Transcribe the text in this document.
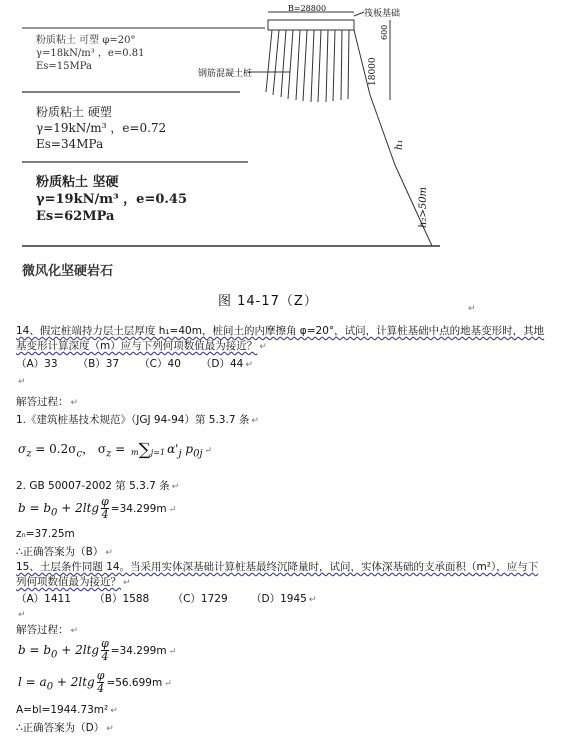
粉质粘土 可塑 φ=20°
γ=18kN/m³ ，e=0.81
Es=15MPa
粉质粘土 硬塑
γ=19kN/m³ ，e=0.72
Es=34MPa
粉质粘土 坚硬
γ=19kN/m³ ，e=0.45
Es=62MPa
微风化坚硬岩石
B=28800
筏板基础
钢筋混凝土桩
600
18000
h₁
h₂>50m
图 14-17（Z）	↵
14、假定桩端持力层土层厚度 h₁=40m，桩间土的内摩擦角 φ=20°，试问，计算桩基础中点的地基变形时，其地
基变形计算深度（m）应与下列何项数值最为接近？ ↵
（A）33 （B）37 （C）40 （D）44 ↵
↵
解答过程： ↵
1.《建筑桩基技术规范》（JGJ 94-94）第 5.3.7 条 ↵
$\sigma_z = 0.2\sigma_c$， $\sigma_z = m\sum j=1$ $\alpha'_j$ $p_{0j}$ ↵
2. GB 50007-2002 第 5.3.7 条 ↵
$b = b_0 + 2ltg \frac{\varphi}{4} =34.299m$ ↵
zₙ=37.25m
∴正确答案为（B） ↵
15、土层条件同题 14。当采用实体深基础计算桩基最终沉降量时，试问，实体深基础的支承面积（m²），应与下
列何项数值最为接近？ ↵
（A）1411 （B）1588 （C）1729 （D）1945 ↵
↵
解答过程： ↵
$b = b_0 + 2ltg \frac{\varphi}{4} =34.299m$ ↵
$l = a_0 + 2ltg \frac{\varphi}{4} =56.699m$ ↵
A=bl=1944.73m² ↵
∴正确答案为（D） ↵
